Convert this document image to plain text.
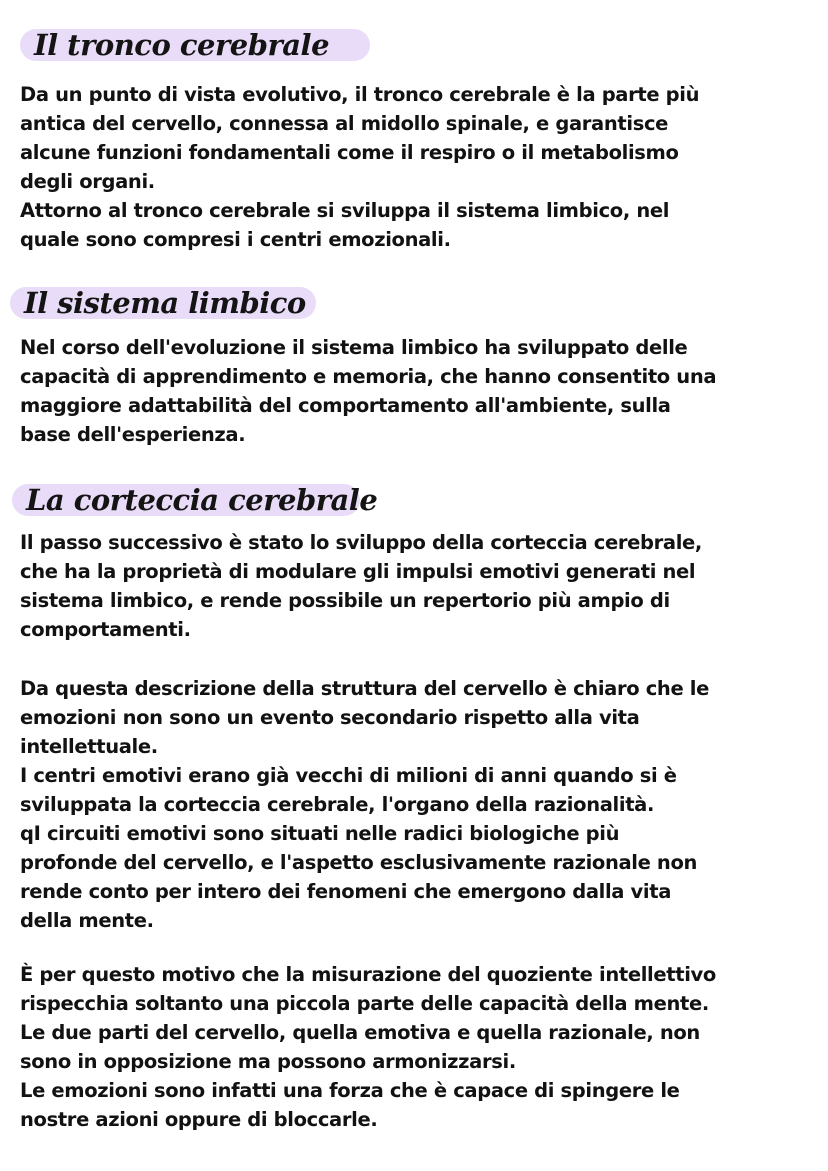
Il tronco cerebrale
Da un punto di vista evolutivo, il tronco cerebrale è la parte più
antica del cervello, connessa al midollo spinale, e garantisce
alcune funzioni fondamentali come il respiro o il metabolismo
degli organi.
Attorno al tronco cerebrale si sviluppa il sistema limbico, nel
quale sono compresi i centri emozionali.
Il sistema limbico
Nel corso dell'evoluzione il sistema limbico ha sviluppato delle
capacità di apprendimento e memoria, che hanno consentito una
maggiore adattabilità del comportamento all'ambiente, sulla
base dell'esperienza.
La corteccia cerebrale
Il passo successivo è stato lo sviluppo della corteccia cerebrale,
che ha la proprietà di modulare gli impulsi emotivi generati nel
sistema limbico, e rende possibile un repertorio più ampio di
comportamenti.
Da questa descrizione della struttura del cervello è chiaro che le
emozioni non sono un evento secondario rispetto alla vita
intellettuale.
I centri emotivi erano già vecchi di milioni di anni quando si è
sviluppata la corteccia cerebrale, l'organo della razionalità.
qI circuiti emotivi sono situati nelle radici biologiche più
profonde del cervello, e l'aspetto esclusivamente razionale non
rende conto per intero dei fenomeni che emergono dalla vita
della mente.
È per questo motivo che la misurazione del quoziente intellettivo
rispecchia soltanto una piccola parte delle capacità della mente.
Le due parti del cervello, quella emotiva e quella razionale, non
sono in opposizione ma possono armonizzarsi.
Le emozioni sono infatti una forza che è capace di spingere le
nostre azioni oppure di bloccarle.
